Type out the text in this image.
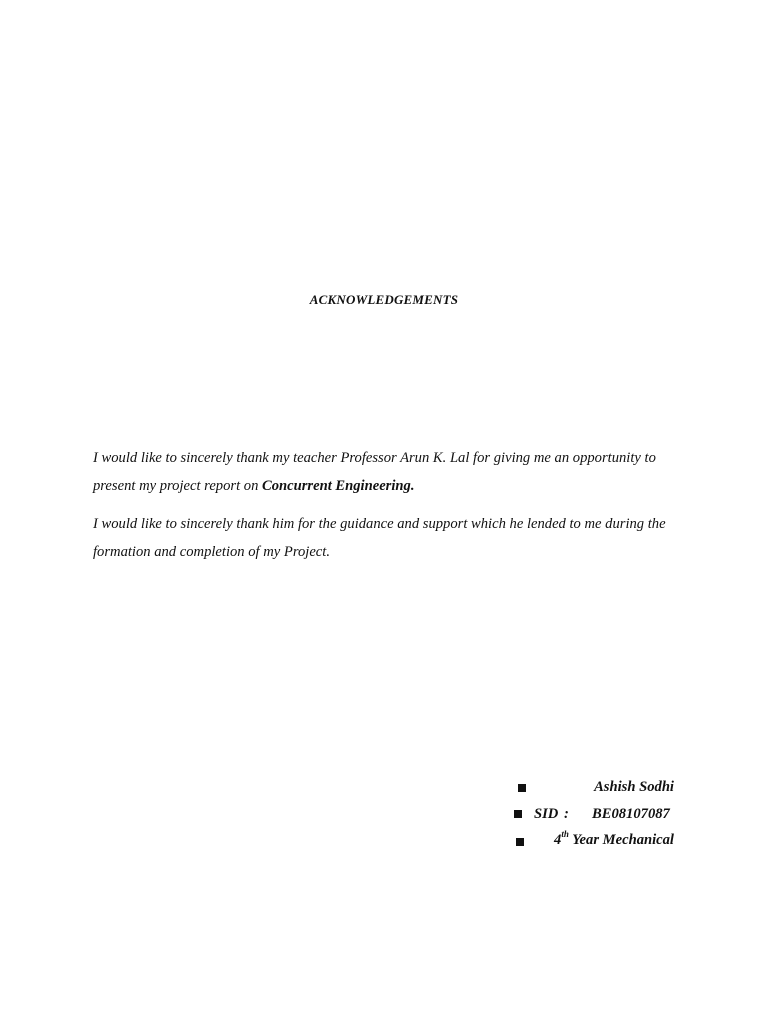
ACKNOWLEDGEMENTS

I would like to sincerely thank my teacher Professor Arun K. Lal for giving me an opportunity to present my project report on Concurrent Engineering.

I would like to sincerely thank him for the guidance and support which he lended to me during the formation and completion of my Project.

Ashish Sodhi
SID : BE08107087
4th Year Mechanical
